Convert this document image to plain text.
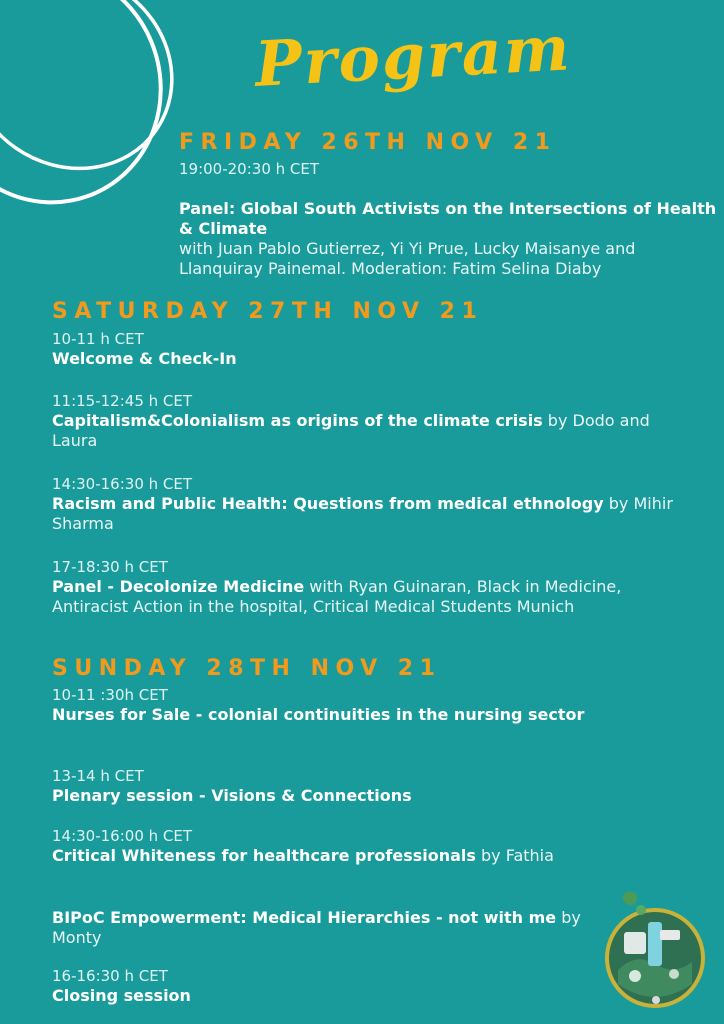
Program
FRIDAY 26TH NOV 21
19:00-20:30 h CET
Panel: Global South Activists on the Intersections of Health & Climate
with Juan Pablo Gutierrez, Yi Yi Prue, Lucky Maisanye and Llanquiray Painemal. Moderation: Fatim Selina Diaby
SATURDAY 27TH NOV 21
10-11 h CET
Welcome & Check-In
11:15-12:45 h CET
Capitalism&Colonialism as origins of the climate crisis by Dodo and Laura
14:30-16:30 h CET
Racism and Public Health: Questions from medical ethnology by Mihir Sharma
17-18:30 h CET
Panel - Decolonize Medicine with Ryan Guinaran, Black in Medicine, Antiracist Action in the hospital, Critical Medical Students Munich
SUNDAY 28TH NOV 21
10-11 :30h CET
Nurses for Sale - colonial continuities in the nursing sector
13-14 h CET
Plenary session - Visions & Connections
14:30-16:00 h CET
Critical Whiteness for healthcare professionals by Fathia
BIPoC Empowerment: Medical Hierarchies - not with me by Monty
16-16:30 h CET
Closing session
